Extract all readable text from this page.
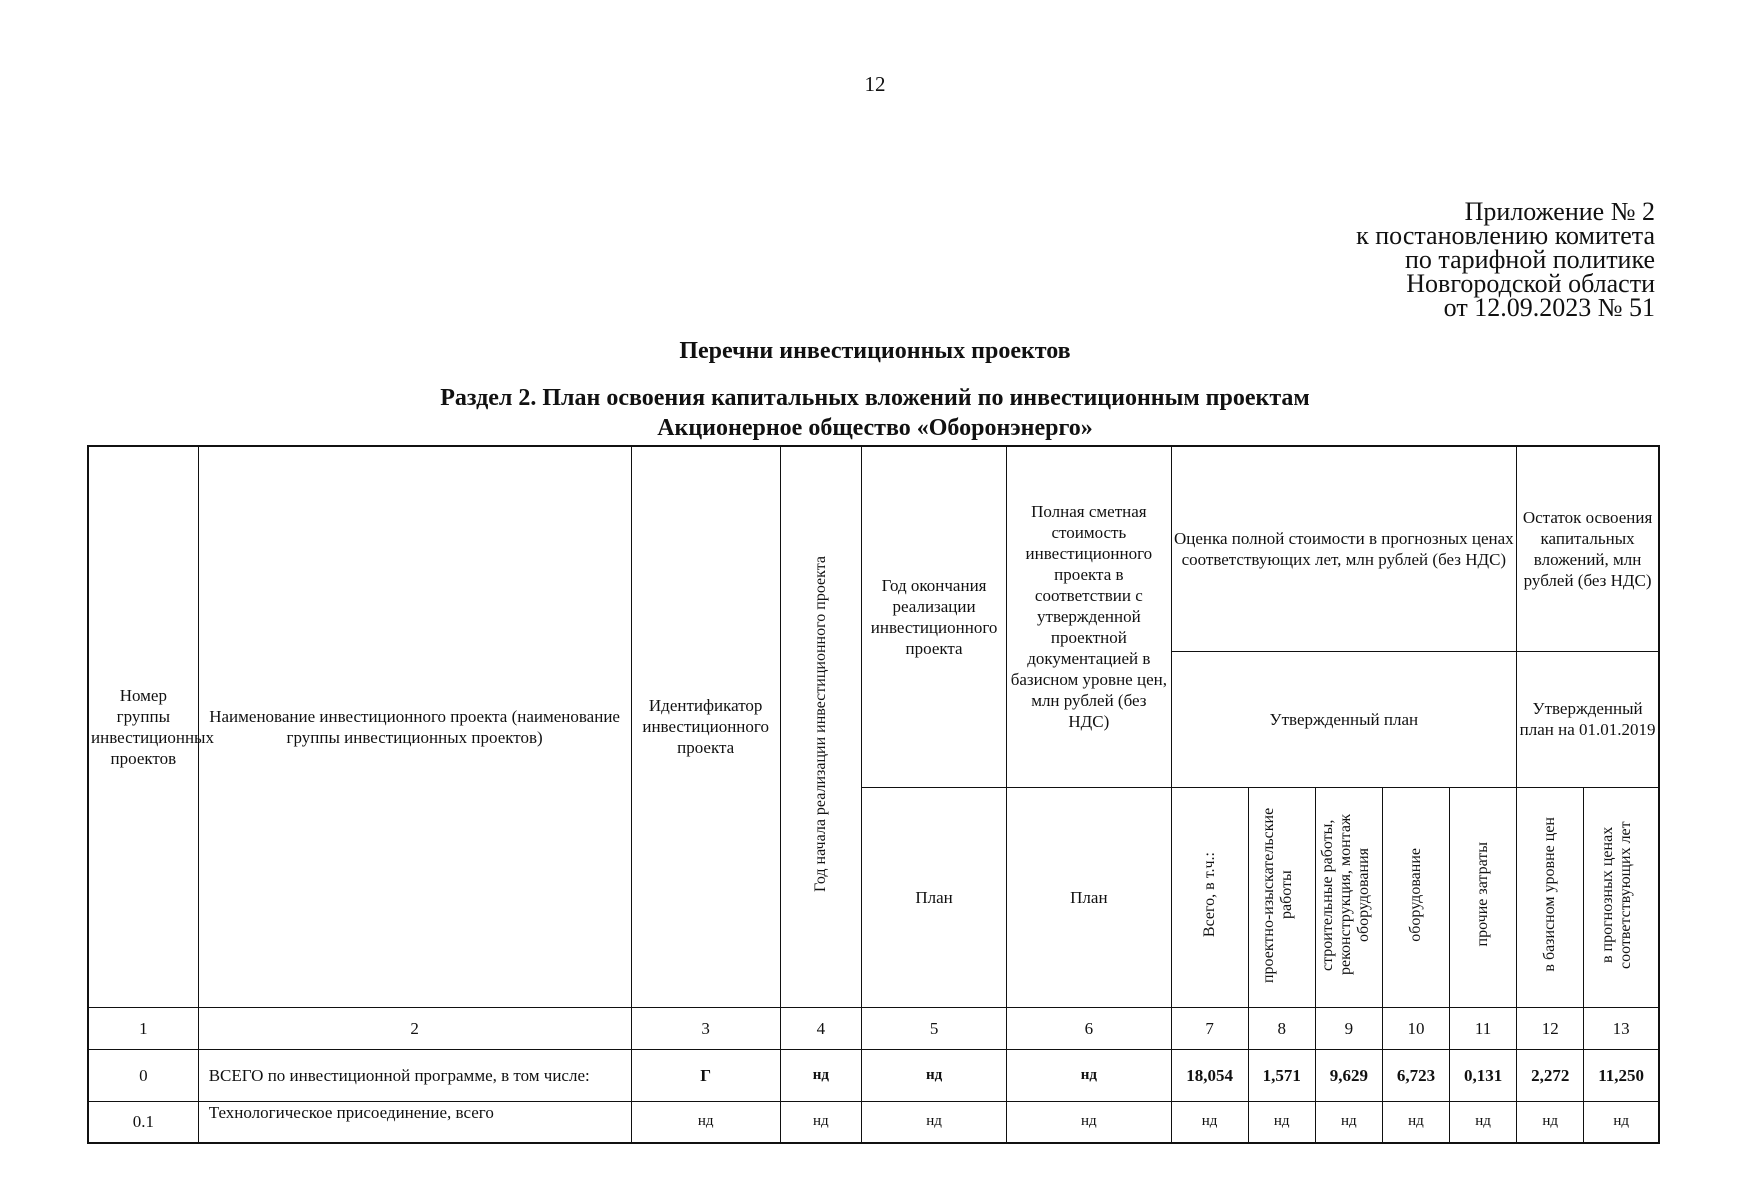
12
Приложение № 2
к постановлению комитета
по тарифной политике
Новгородской области
от 12.09.2023 № 51
Перечни инвестиционных проектов
Раздел 2. План освоения капитальных вложений по инвестиционным проектам
Акционерное общество «Оборонэнерго»
Номер группы инвестиционных проектов	Наименование инвестиционного проекта (наименование группы инвестиционных проектов)	Идентификатор инвестиционного проекта	Год начала реализации инвестиционного проекта	Год окончания реализации инвестиционного проекта	Полная сметная стоимость инвестиционного проекта в соответствии с утвержденной проектной документацией в базисном уровне цен, млн рублей (без НДС)	Оценка полной стоимости в прогнозных ценах соответствующих лет, млн рублей (без НДС)					Остаток освоения капитальных вложений, млн рублей (без НДС)	
						Утвержденный план					Утвержденный план на 01.01.2019	
				План	План	Всего, в т.ч.:	проектно-изыскательские работы	строительные работы, реконструкция, монтаж оборудования	оборудование	прочие затраты	в базисном уровне цен	в прогнозных ценах соответствующих лет
1	2	3	4	5	6	7	8	9	10	11	12	13
0	ВСЕГО по инвестиционной программе, в том числе:	Г	нд	нд	нд	18,054	1,571	9,629	6,723	0,131	2,272	11,250
0.1	Технологическое присоединение, всего	нд	нд	нд	нд	нд	нд	нд	нд	нд	нд	нд
